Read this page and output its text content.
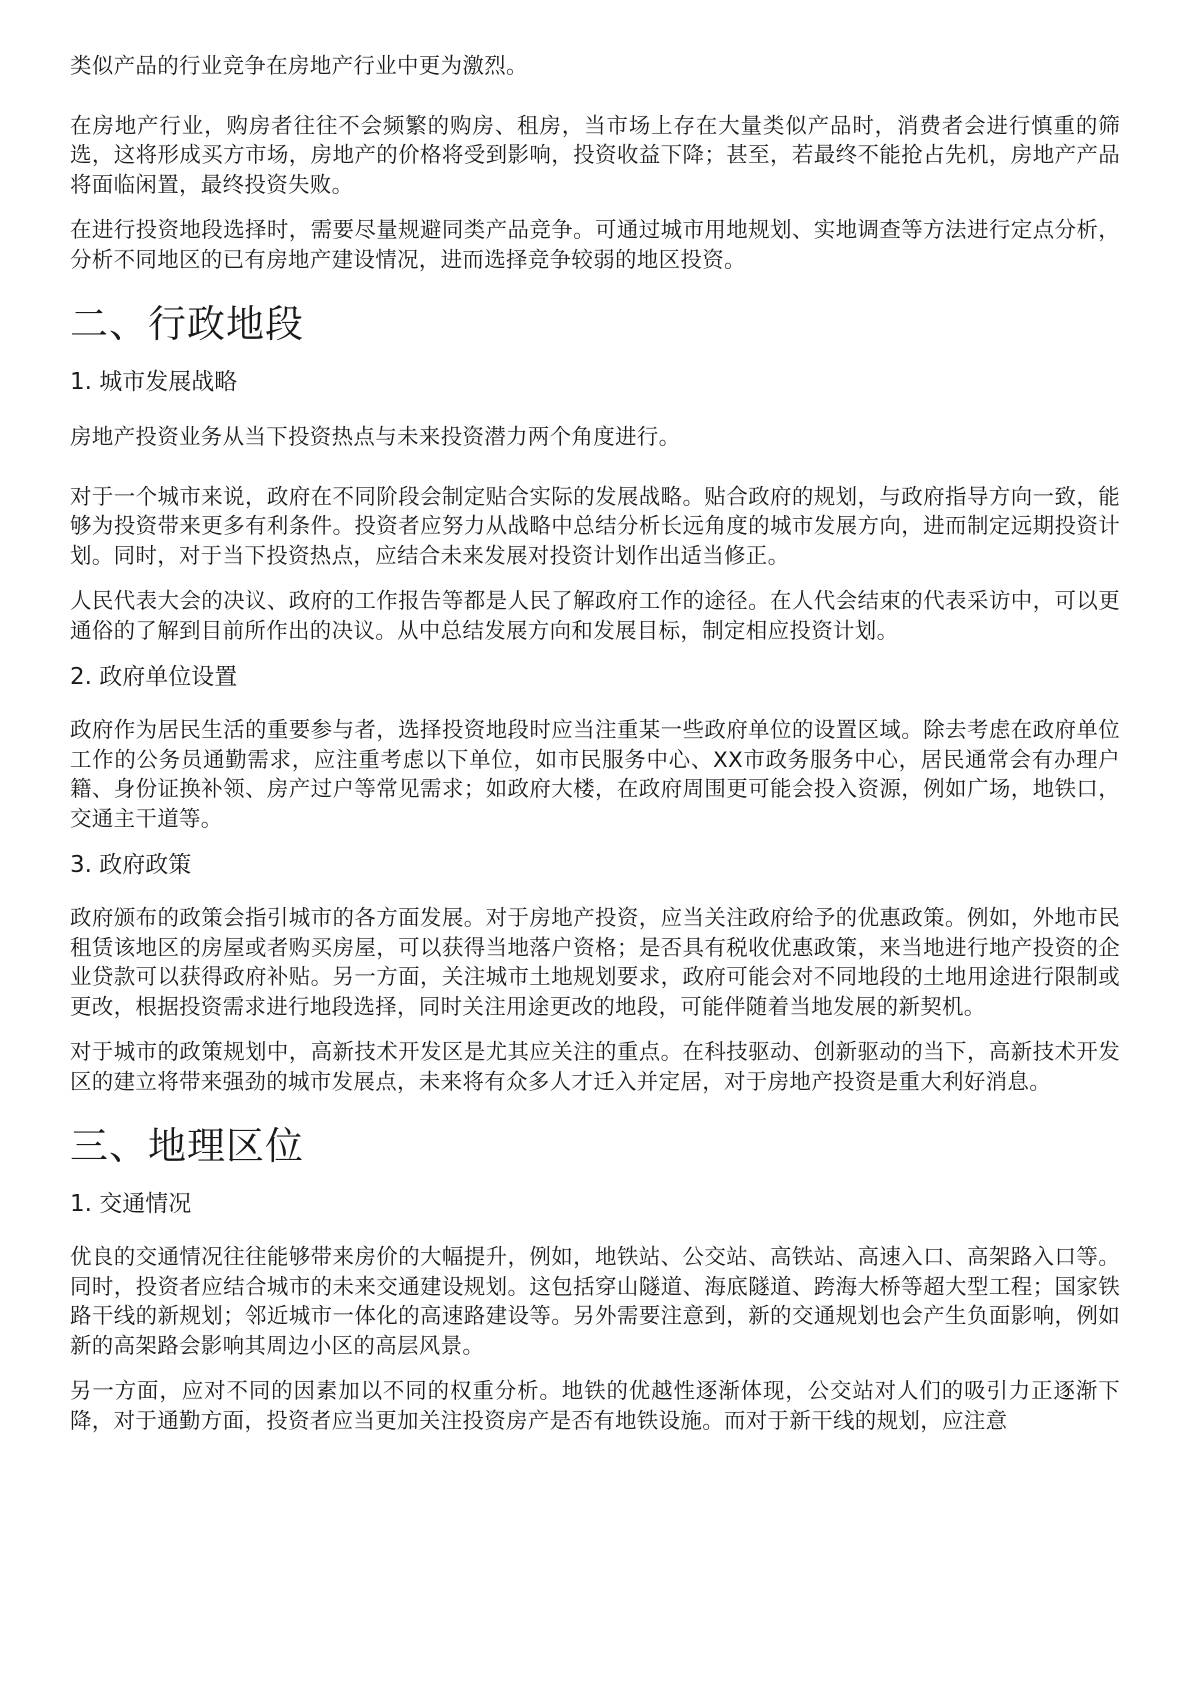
类似产品的行业竞争在房地产行业中更为激烈。

在房地产行业，购房者往往不会频繁的购房、租房，当市场上存在大量类似产品时，消费者会进行慎重的筛选，这将形成买方市场，房地产的价格将受到影响，投资收益下降；甚至，若最终不能抢占先机，房地产产品将面临闲置，最终投资失败。

在进行投资地段选择时，需要尽量规避同类产品竞争。可通过城市用地规划、实地调查等方法进行定点分析，分析不同地区的已有房地产建设情况，进而选择竞争较弱的地区投资。

二、行政地段
1. 城市发展战略

房地产投资业务从当下投资热点与未来投资潜力两个角度进行。

对于一个城市来说，政府在不同阶段会制定贴合实际的发展战略。贴合政府的规划，与政府指导方向一致，能够为投资带来更多有利条件。投资者应努力从战略中总结分析长远角度的城市发展方向，进而制定远期投资计划。同时，对于当下投资热点，应结合未来发展对投资计划作出适当修正。

人民代表大会的决议、政府的工作报告等都是人民了解政府工作的途径。在人代会结束的代表采访中，可以更通俗的了解到目前所作出的决议。从中总结发展方向和发展目标，制定相应投资计划。

2. 政府单位设置

政府作为居民生活的重要参与者，选择投资地段时应当注重某一些政府单位的设置区域。除去考虑在政府单位工作的公务员通勤需求，应注重考虑以下单位，如市民服务中心、XX市政务服务中心，居民通常会有办理户籍、身份证换补领、房产过户等常见需求；如政府大楼，在政府周围更可能会投入资源，例如广场，地铁口，交通主干道等。

3. 政府政策

政府颁布的政策会指引城市的各方面发展。对于房地产投资，应当关注政府给予的优惠政策。例如，外地市民租赁该地区的房屋或者购买房屋，可以获得当地落户资格；是否具有税收优惠政策，来当地进行地产投资的企业贷款可以获得政府补贴。另一方面，关注城市土地规划要求，政府可能会对不同地段的土地用途进行限制或更改，根据投资需求进行地段选择，同时关注用途更改的地段，可能伴随着当地发展的新契机。

对于城市的政策规划中，高新技术开发区是尤其应关注的重点。在科技驱动、创新驱动的当下，高新技术开发区的建立将带来强劲的城市发展点，未来将有众多人才迁入并定居，对于房地产投资是重大利好消息。

三、地理区位
1. 交通情况

优良的交通情况往往能够带来房价的大幅提升，例如，地铁站、公交站、高铁站、高速入口、高架路入口等。同时，投资者应结合城市的未来交通建设规划。这包括穿山隧道、海底隧道、跨海大桥等超大型工程；国家铁路干线的新规划；邻近城市一体化的高速路建设等。另外需要注意到，新的交通规划也会产生负面影响，例如新的高架路会影响其周边小区的高层风景。

另一方面，应对不同的因素加以不同的权重分析。地铁的优越性逐渐体现，公交站对人们的吸引力正逐渐下降，对于通勤方面，投资者应当更加关注投资房产是否有地铁设施。而对于新干线的规划，应注意
